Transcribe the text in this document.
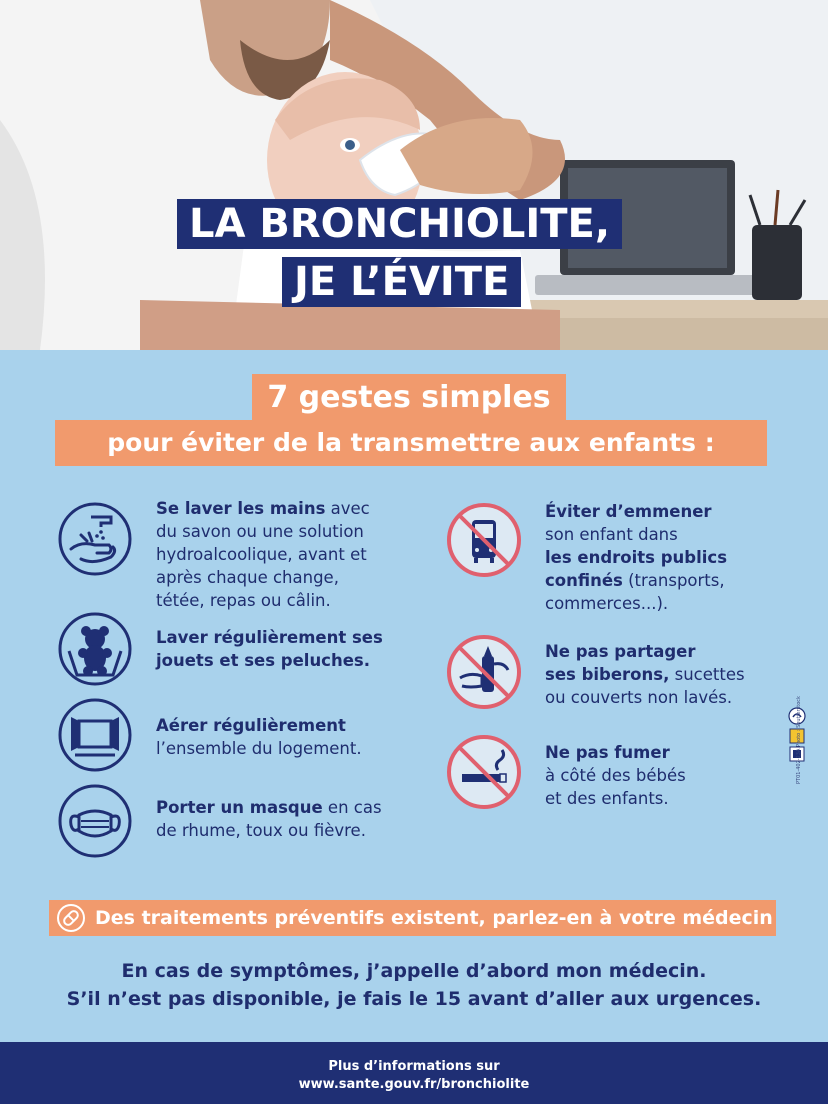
LA BRONCHIOLITE,
JE L’ÉVITE
7 gestes simples
pour éviter de la transmettre aux enfants :
Se laver les mains avec
du savon ou une solution
hydroalcoolique, avant et
après chaque change,
tétée, repas ou câlin.
Laver régulièrement ses
jouets et ses peluches.
Aérer régulièrement
l’ensemble du logement.
Porter un masque en cas
de rhume, toux ou fièvre.
Éviter d’emmener
son enfant dans
les endroits publics
confinés (transports,
commerces...).
Ne pas partager
ses biberons, sucettes
ou couverts non lavés.
Ne pas fumer
à côté des bébés
et des enfants.
PT01-402-23A Photo : Shutterstock
Des traitements préventifs existent, parlez-en à votre médecin
En cas de symptômes, j’appelle d’abord mon médecin.
S’il n’est pas disponible, je fais le 15 avant d’aller aux urgences.
Plus d’informations sur
www.sante.gouv.fr/bronchiolite
